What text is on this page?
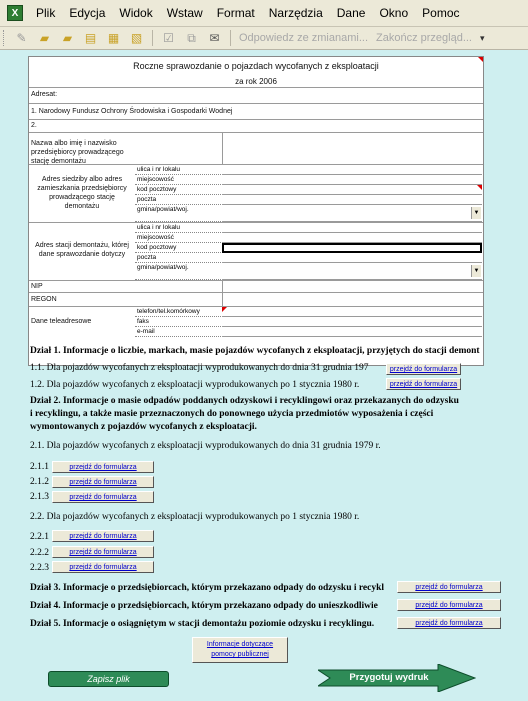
X	Plik	Edycja	Widok	Wstaw	Format	Narzędzia	Dane	Okno	Pomoc
✎	▰	▰	▤ ▦ ▧ ☑	⧉	✉	Odpowiedz ze zmianami... Zakończ przegląd... ▾
Roczne sprawozdanie o pojazdach wycofanych z eksploatacji
za rok 2006
Adresat:
1. Narodowy Fundusz Ochrony Środowiska i Gospodarki Wodnej
2.
Nazwa albo imię i nazwisko przedsiębiorcy prowadzącego stację demontażu
Adres siedziby albo adres zamieszkania przedsiębiorcy prowadzącego stację demontażu
ulica i nr lokalu
miejscowość
kod pocztowy
poczta
gmina/powiat/woj.	▼
Adres stacji demontażu, której dane sprawozdanie dotyczy
ulica i nr lokalu
miejscowość
kod pocztowy
poczta
gmina/powiat/woj.	▼
NIP
REGON
Dane teleadresowe
telefon/tel.komórkowy
faks
e-mail
Dział 1. Informacje o liczbie, markach, masie pojazdów wycofanych z eksploatacji, przyjętych do stacji demont
1.1. Dla pojazdów wycofanych z eksploatacji wyprodukowanych do dnia 31 grudnia 197	przejdź do formularza
1.2. Dla pojazdów wycofanych z eksploatacji wyprodukowanych po 1 stycznia 1980 r.	przejdź do formularza
Dział 2. Informacje o masie odpadów poddanych odzyskowi i recyklingowi oraz przekazanych do odzysku
i recyklingu, a także masie przeznaczonych do ponownego użycia przedmiotów wyposażenia i części
wymontowanych z pojazdów wycofanych z eksploatacji.
2.1. Dla pojazdów wycofanych z eksploatacji wyprodukowanych do dnia 31 grudnia 1979 r.
2.1.1	przejdź do formularza
2.1.2	przejdź do formularza
2.1.3	przejdź do formularza
2.2. Dla pojazdów wycofanych z eksploatacji wyprodukowanych po 1 stycznia 1980 r.
2.2.1	przejdź do formularza
2.2.2	przejdź do formularza
2.2.3	przejdź do formularza
Dział 3. Informacje o przedsiębiorcach, którym przekazano odpady do odzysku i recykl	przejdź do formularza
Dział 4. Informacje o przedsiębiorcach, którym przekazano odpady do unieszkodliwie	przejdź do formularza
Dział 5. Informacje o osiągniętym w stacji demontażu poziomie odzysku i recyklingu.	przejdź do formularza
Informacje dotyczące
pomocy publicznej
Zapisz plik	Przygotuj wydruk
